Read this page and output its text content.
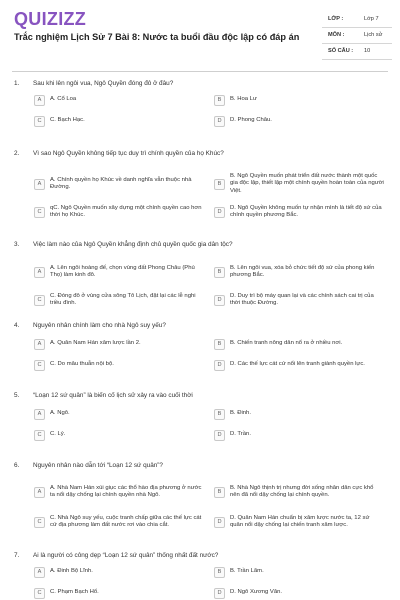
QUIZIZZ
Trắc nghiệm Lịch Sử 7 Bài 8: Nước ta buổi đầu độc lập có đáp án
LỚP :	Lớp 7
MÔN :	Lịch sử
SỐ CÂU : 10
1. Sau khi lên ngôi vua, Ngô Quyền đóng đô ở đâu?
A	A. Cổ Loa	B	B. Hoa Lư
C	C. Bạch Hạc.	D	D. Phong Châu.
2. Vì sao Ngô Quyền không tiếp tục duy trì chính quyền của họ Khúc?
A
A. Chính quyền họ Khúc về danh nghĩa vẫn thuộc nhà Đường.	B
B. Ngô Quyền muốn phát triển đất nước thành một quốc gia độc lập, thiết lập một chính quyền hoàn toàn của người Việt.
C
qC. Ngô Quyền muốn xây dựng một chính quyền cao hơn thời họ Khúc.	D
D. Ngô Quyền không muốn tự nhận mình là tiết độ sứ của chính quyền phương Bắc.
3. Việc làm nào của Ngô Quyền khẳng định chủ quyền quốc gia dân tộc?
A
A. Lên ngôi hoàng đế, chọn vùng đất Phong Châu (Phú Thọ) làm kinh đô.	B
B. Lên ngôi vua, xóa bỏ chức tiết độ sứ của phong kiến phương Bắc.
C
C. Đóng đô ở vùng cửa sông Tô Lịch, đặt lại các lễ nghi triều đình.	D
D. Duy trì bộ máy quan lại và các chính sách cai trị của thời thuộc Đường.
4. Nguyên nhân chính làm cho nhà Ngô suy yếu?
A	A. Quân Nam Hán xâm lược lần 2.	B	B. Chiến tranh nông dân nổ ra ở nhiều nơi.
C	C. Do mâu thuẫn nội bộ.	D	D. Các thế lực cát cứ nổi lên tranh giành quyền lực.
5. “Loạn 12 sứ quân” là biến cố lịch sử xảy ra vào cuối thời
A	A. Ngô.	B	B. Đinh.
C	C. Lý.	D	D. Trần.
6. Nguyên nhân nào dẫn tới “Loạn 12 sứ quân”?
A
A. Nhà Nam Hán xúi giục các thổ hào địa phương ở nước ta nổi dậy chống lại chính quyền nhà Ngô.	B
B. Nhà Ngô thịnh trị nhưng đời sống nhân dân cực khổ nên đã nổi dậy chống lại chính quyền.
C
C. Nhà Ngô suy yếu, cuộc tranh chấp giữa các thế lực cát cứ địa phương làm đất nước rơi vào chia cắt.	D
D. Quân Nam Hán chuẩn bị xâm lược nước ta, 12 sứ quân nổi dậy chống lại chiến tranh xâm lược.
7. Ai là người có công dẹp “Loạn 12 sứ quân” thống nhất đất nước?
A	A. Đinh Bộ Lĩnh.	B	B. Trần Lãm.
C	C. Phạm Bạch Hổ.	D	D. Ngô Xương Văn.
